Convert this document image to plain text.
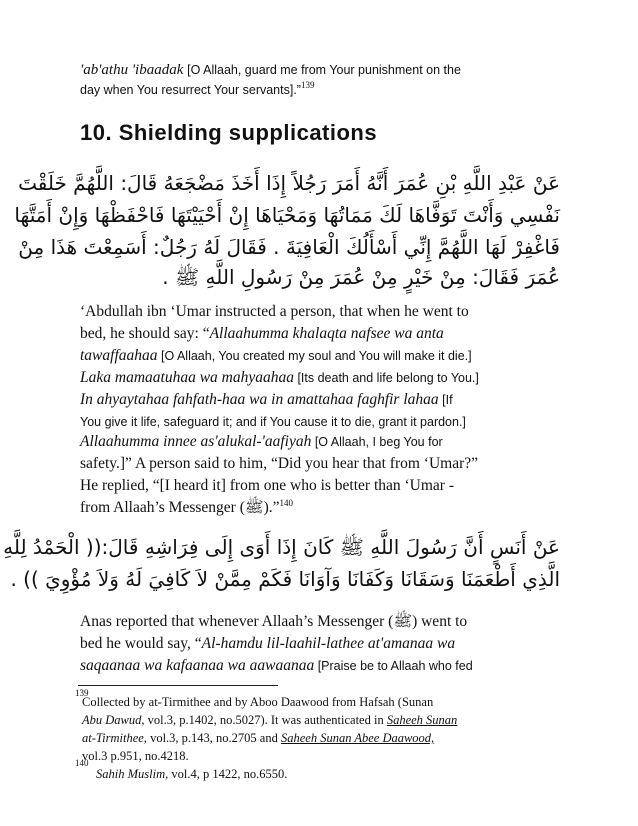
'ab'athu 'ibaadak [O Allaah, guard me from Your punishment on the
day when You resurrect Your servants].”$^{139}$
10. Shielding supplications
عَنْ عَبْدِ اللَّهِ بْنِ عُمَرَ أَنَّهُ أَمَرَ رَجُلاً إِذَا أَخَذَ مَضْجَعَهُ قَالَ: اللَّهُمَّ خَلَقْتَ
نَفْسِي وَأَنْتَ تَوَفَّاهَا لَكَ مَمَاتُهَا وَمَحْيَاهَا إِنْ أَحْيَيْتَهَا فَاحْفَظْهَا وَإِنْ أَمَتَّهَا
فَاغْفِرْ لَهَا اللَّهُمَّ إِنِّي أَسْأَلُكَ الْعَافِيَةَ . فَقَالَ لَهُ رَجُلٌ: أَسَمِعْتَ هَذَا مِنْ
عُمَرَ فَقَالَ: مِنْ خَيْرٍ مِنْ عُمَرَ مِنْ رَسُولِ اللَّهِ ﷺ .
‘Abdullah ibn ‘Umar instructed a person, that when he went to
bed, he should say: “Allaahumma khalaqta nafsee wa anta
tawaffaahaa [O Allaah, You created my soul and You will make it die.]
Laka mamaatuhaa wa mahyaahaa [Its death and life belong to You.]
In ahyaytahaa fahfath-haa wa in amattahaa faghfir lahaa [If
You give it life, safeguard it; and if You cause it to die, grant it pardon.]
Allaahumma innee as'alukal-'aafiyah [O Allaah, I beg You for
safety.]” A person said to him, “Did you hear that from ‘Umar?”
He replied, “[I heard it] from one who is better than ‘Umar -
from Allaah’s Messenger (ﷺ).”$^{140}$
عَنْ أَنَسٍ أَنَّ رَسُولَ اللَّهِ ﷺ كَانَ إِذَا أَوَى إِلَى فِرَاشِهِ قَالَ:(( الْحَمْدُ لِلَّهِ
الَّذِي أَطْعَمَنَا وَسَقَانَا وَكَفَانَا وَآوَانَا فَكَمْ مِمَّنْ لاَ كَافِيَ لَهُ وَلاَ مُؤْوِيَ )) .
Anas reported that whenever Allaah’s Messenger (ﷺ) went to
bed he would say, “Al-hamdu lil-laahil-lathee at'amanaa wa
saqaanaa wa kafaanaa wa aawaanaa [Praise be to Allaah who fed
139
Collected by at-Tirmithee and by Aboo Daawood from Hafsah (Sunan
Abu Dawud, vol.3, p.1402, no.5027). It was authenticated in Saheeh Sunan
at-Tirmithee, vol.3, p.143, no.2705 and Saheeh Sunan Abee Daawood,
vol.3 p.951, no.4218.
140
Sahih Muslim, vol.4, p 1422, no.6550.
